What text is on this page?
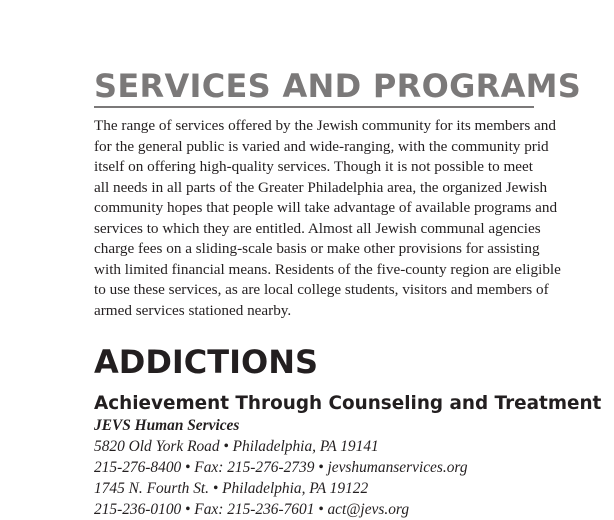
SERVICES AND PROGRAMS

The range of services offered by the Jewish community for its members and
for the general public is varied and wide-ranging, with the community prid
itself on offering high-quality services. Though it is not possible to meet
all needs in all parts of the Greater Philadelphia area, the organized Jewish
community hopes that people will take advantage of available programs and
services to which they are entitled. Almost all Jewish communal agencies
charge fees on a sliding-scale basis or make other provisions for assisting
with limited financial means. Residents of the five-county region are eligible
to use these services, as are local college students, visitors and members of
armed services stationed nearby.

ADDICTIONS
Achievement Through Counseling and Treatment
JEVS Human Services
5820 Old York Road • Philadelphia, PA 19141
215-276-8400 • Fax: 215-276-2739 • jevshumanservices.org
1745 N. Fourth St. • Philadelphia, PA 19122
215-236-0100 • Fax: 215-236-7601 • act@jevs.org
